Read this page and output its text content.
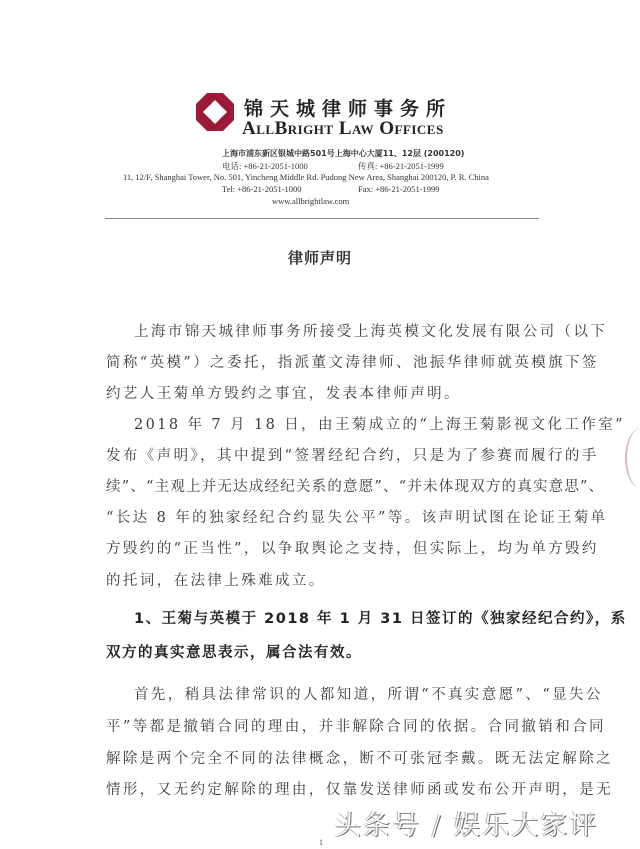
锦天城律师事务所
AllBright Law Offices
上海市浦东新区银城中路501号上海中心大厦11、12层 (200120)
电话: +86-21-2051-1000	传真: +86-21-2051-1999
11, 12/F, Shanghai Tower, No. 501, Yincheng Middle Rd. Pudong New Area, Shanghai 200120, P. R. China
Tel: +86-21-2051-1000	Fax: +86-21-2051-1999
www.allbrightlaw.com
律师声明
上海市锦天城律师事务所接受上海英模文化发展有限公司（以下
简称“英模”）之委托，指派董文涛律师、池振华律师就英模旗下签
约艺人王菊单方毁约之事宜，发表本律师声明。
2018 年 7 月 18 日，由王菊成立的“上海王菊影视文化工作室”
发布《声明》，其中提到“签署经纪合约，只是为了参赛而履行的手
续”、“主观上并无达成经纪关系的意愿”、“并未体现双方的真实意思”、
“长达 8 年的独家经纪合约显失公平”等。该声明试图在论证王菊单
方毁约的“正当性”，以争取舆论之支持，但实际上，均为单方毁约
的托词，在法律上殊难成立。
1、王菊与英模于 2018 年 1 月 31 日签订的《独家经纪合约》，系
双方的真实意思表示，属合法有效。
首先，稍具法律常识的人都知道，所谓“不真实意愿”、“显失公
平”等都是撤销合同的理由，并非解除合同的依据。合同撤销和合同
解除是两个完全不同的法律概念，断不可张冠李戴。既无法定解除之
情形，又无约定解除的理由，仅靠发送律师函或发布公开声明，是无
头条号 / 娱乐大家评
1
